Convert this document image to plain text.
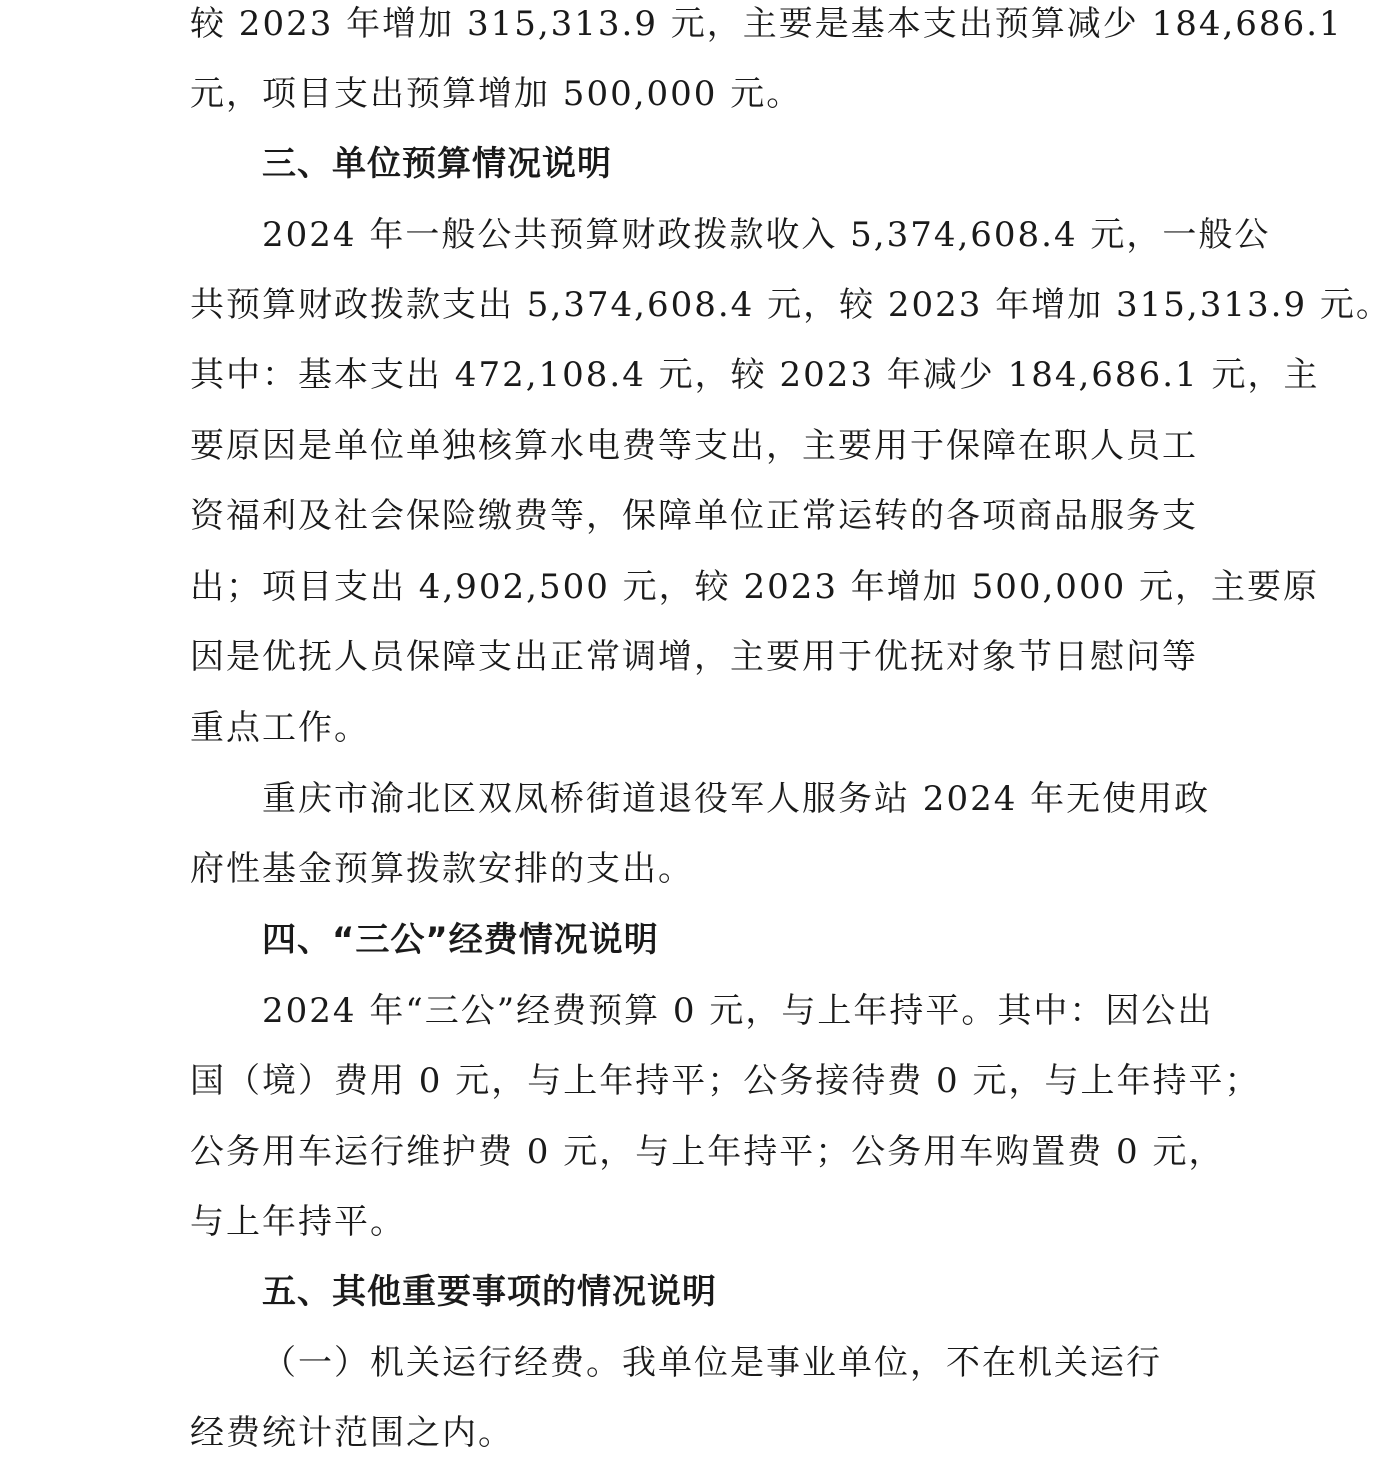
较 2023 年增加 315,313.9 元，主要是基本支出预算减少 184,686.1
元，项目支出预算增加 500,000 元。
三、单位预算情况说明
2024 年一般公共预算财政拨款收入 5,374,608.4 元，一般公
共预算财政拨款支出 5,374,608.4 元，较 2023 年增加 315,313.9 元。
其中：基本支出 472,108.4 元，较 2023 年减少 184,686.1 元，主
要原因是单位单独核算水电费等支出，主要用于保障在职人员工
资福利及社会保险缴费等，保障单位正常运转的各项商品服务支
出；项目支出 4,902,500 元，较 2023 年增加 500,000 元，主要原
因是优抚人员保障支出正常调增，主要用于优抚对象节日慰问等
重点工作。
重庆市渝北区双凤桥街道退役军人服务站 2024 年无使用政
府性基金预算拨款安排的支出。
四、“三公”经费情况说明
2024 年“三公”经费预算 0 元，与上年持平。其中：因公出
国（境）费用 0 元，与上年持平；公务接待费 0 元，与上年持平；
公务用车运行维护费 0 元，与上年持平；公务用车购置费 0 元，
与上年持平。
五、其他重要事项的情况说明
（一）机关运行经费。我单位是事业单位，不在机关运行
经费统计范围之内。
